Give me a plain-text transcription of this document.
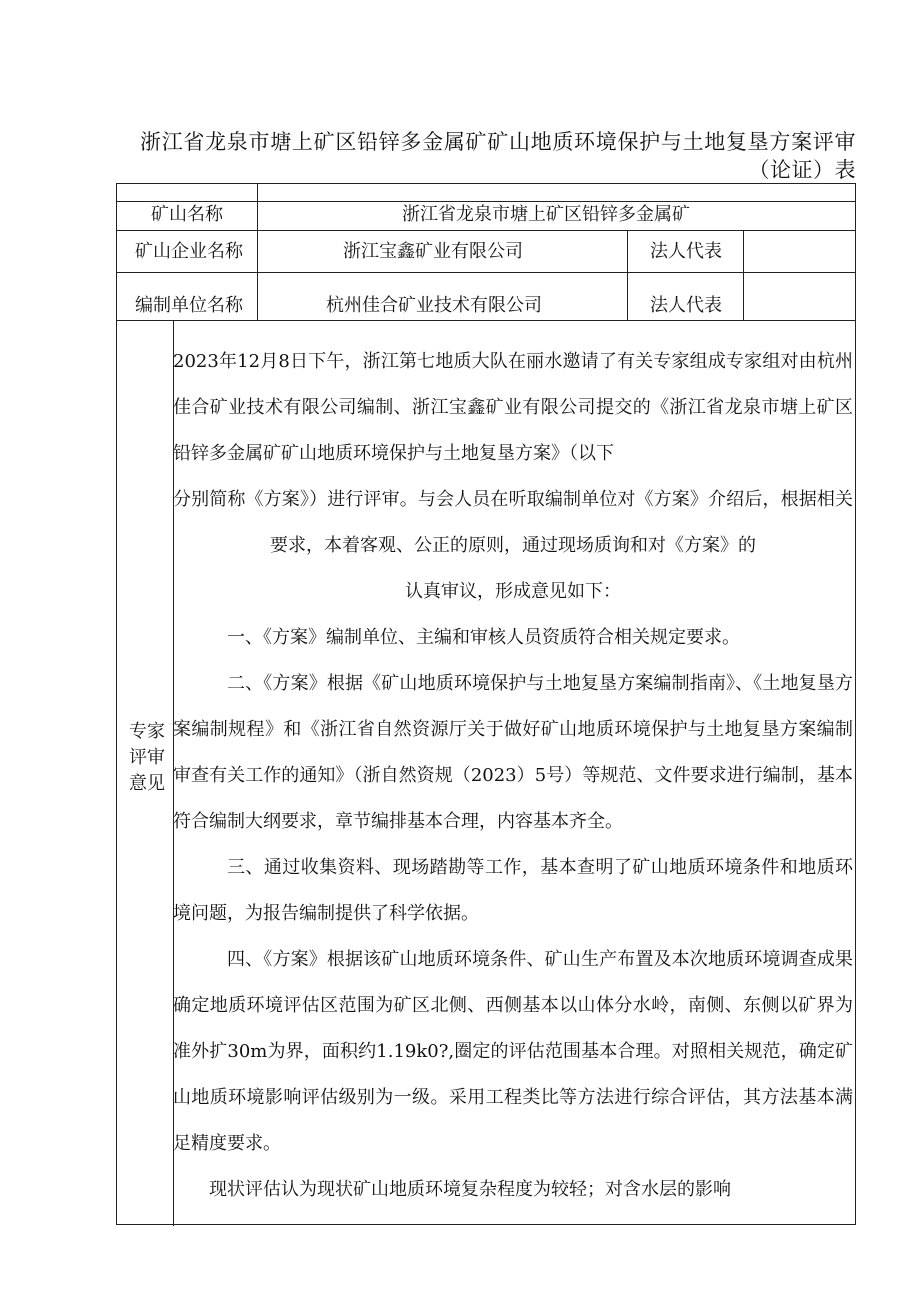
浙江省龙泉市塘上矿区铅锌多金属矿矿山地质环境保护与土地复垦方案评审
（论证）表
矿山名称	浙江省龙泉市塘上矿区铅锌多金属矿
矿山企业名称	浙江宝鑫矿业有限公司	法人代表
编制单位名称	杭州佳合矿业技术有限公司	法人代表
专家
评审
意见

2023年12月8日下午，浙江第七地质大队在丽水邀请了有关专家组成专家组对由杭州佳合矿业技术有限公司编制、浙江宝鑫矿业有限公司提交的《浙江省龙泉市塘上矿区铅锌多金属矿矿山地质环境保护与土地复垦方案》（以下

分别简称《方案》）进行评审。与会人员在听取编制单位对《方案》介绍后，根据相关要求，本着客观、公正的原则，通过现场质询和对《方案》的

认真审议，形成意见如下：

一、《方案》编制单位、主编和审核人员资质符合相关规定要求。

二、《方案》根据《矿山地质环境保护与土地复垦方案编制指南》、《土地复垦方案编制规程》和《浙江省自然资源厅关于做好矿山地质环境保护与土地复垦方案编制审查有关工作的通知》（浙自然资规（2023）5号）等规范、文件要求进行编制，基本符合编制大纲要求，章节编排基本合理，内容基本齐全。

三、通过收集资料、现场踏勘等工作，基本查明了矿山地质环境条件和地质环境问题，为报告编制提供了科学依据。

四、《方案》根据该矿山地质环境条件、矿山生产布置及本次地质环境调查成果确定地质环境评估区范围为矿区北侧、西侧基本以山体分水岭，南侧、东侧以矿界为准外扩30m为界，面积约1.19k0?,圈定的评估范围基本合理。对照相关规范，确定矿山地质环境影响评估级别为一级。采用工程类比等方法进行综合评估，其方法基本满足精度要求。

现状评估认为现状矿山地质环境复杂程度为较轻；对含水层的影响
